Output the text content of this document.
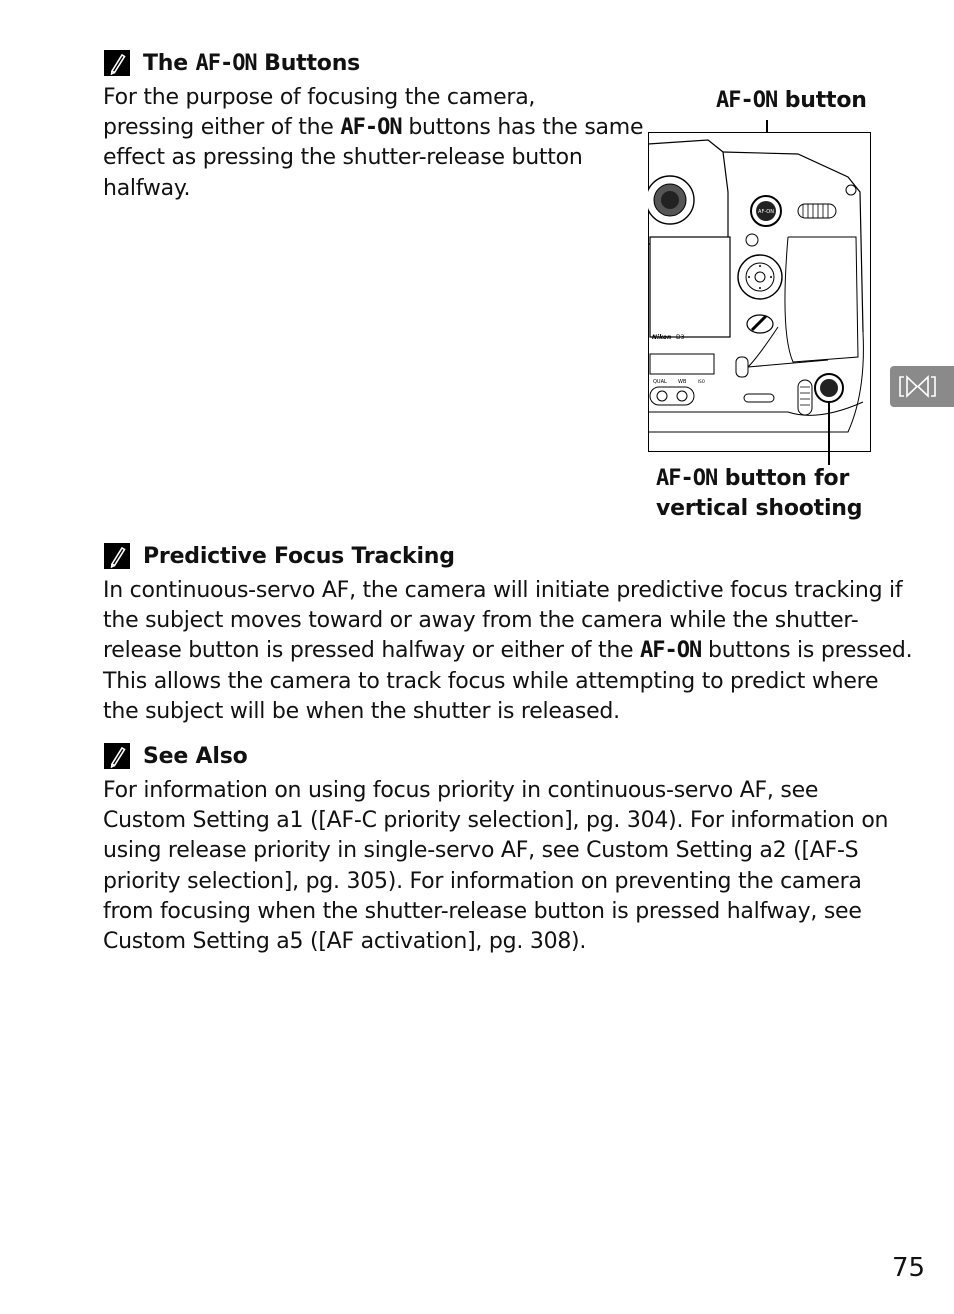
The AF-ON Buttons
For the purpose of focusing the camera,
pressing either of the AF-ON buttons has the same
effect as pressing the shutter-release button
halfway.
AF-ON button
AF-ON
Nikon D3
QUAL WB	ISO
AF-ON button for
vertical shooting
Predictive Focus Tracking
In continuous-servo AF, the camera will initiate predictive focus tracking if
the subject moves toward or away from the camera while the shutter-
release button is pressed halfway or either of the AF-ON buttons is pressed.
This allows the camera to track focus while attempting to predict where
the subject will be when the shutter is released.
See Also
For information on using focus priority in continuous-servo AF, see
Custom Setting a1 ([AF-C priority selection], pg. 304). For information on
using release priority in single-servo AF, see Custom Setting a2 ([AF-S
priority selection], pg. 305). For information on preventing the camera
from focusing when the shutter-release button is pressed halfway, see
Custom Setting a5 ([AF activation], pg. 308).
75
